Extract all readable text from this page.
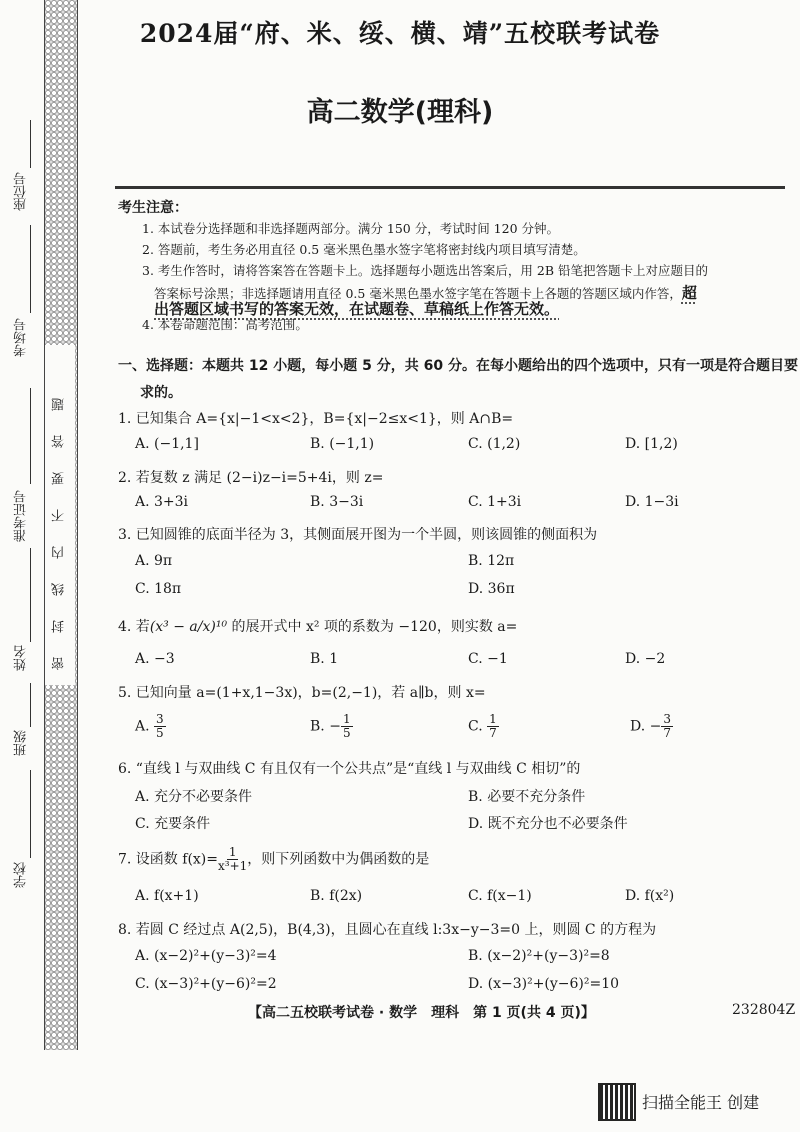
密封线内不要答题
座位号
考场号
准考证号
姓名
班级
学校
2024届“府、米、绥、横、靖”五校联考试卷
高二数学(理科)
考生注意：
1. 本试卷分选择题和非选择题两部分。满分 150 分，考试时间 120 分钟。
2. 答题前，考生务必用直径 0.5 毫米黑色墨水签字笔将密封线内项目填写清楚。
3. 考生作答时，请将答案答在答题卡上。选择题每小题选出答案后，用 2B 铅笔把答题卡上对应题目的
答案标号涂黑；非选择题请用直径 0.5 毫米黑色墨水签字笔在答题卡上各题的答题区域内作答，超
出答题区域书写的答案无效，在试题卷、草稿纸上作答无效。
4. 本卷命题范围：高考范围。
一、选择题：本题共 12 小题，每小题 5 分，共 60 分。在每小题给出的四个选项中，只有一项是符合题目要
求的。
1. 已知集合 A={x|−1<x<2}，B={x|−2≤x<1}，则 A∩B=
A. (−1,1]	B. (−1,1)	C. (1,2)	D. [1,2)
2. 若复数 z 满足 (2−i)z−i=5+4i，则 z=
A. 3+3i	B. 3−3i	C. 1+3i	D. 1−3i
3. 已知圆锥的底面半径为 3，其侧面展开图为一个半圆，则该圆锥的侧面积为
A. 9π	B. 12π
C. 18π	D. 36π
4. 若(x³ − a/x)¹⁰ 的展开式中 x² 项的系数为 −120，则实数 a=
A. −3	B. 1	C. −1	D. −2
5. 已知向量 a=(1+x,1−3x)，b=(2,−1)，若 a∥b，则 x=
A. $\frac{3}{5}$	B. − $\frac{1}{5}$	C. $\frac{1}{7}$	D. − $\frac{3}{7}$
6. “直线 l 与双曲线 C 有且仅有一个公共点”是“直线 l 与双曲线 C 相切”的
A. 充分不必要条件	B. 必要不充分条件
C. 充要条件	D. 既不充分也不必要条件
7. 设函数 $f(x)= \frac{1}{\text{x³+1}}$ ，则下列函数中为偶函数的是
A. f(x+1)	B. f(2x)	C. f(x−1)	D. f(x²)
8. 若圆 C 经过点 A(2,5)，B(4,3)，且圆心在直线 l:3x−y−3=0 上，则圆 C 的方程为
A. (x−2)²+(y−3)²=4	B. (x−2)²+(y−3)²=8
C. (x−3)²+(y−6)²=2	D. (x−3)²+(y−6)²=10
【高二五校联考试卷 · 数学　理科　第 1 页(共 4 页)】	232804Z
扫描全能王 创建
